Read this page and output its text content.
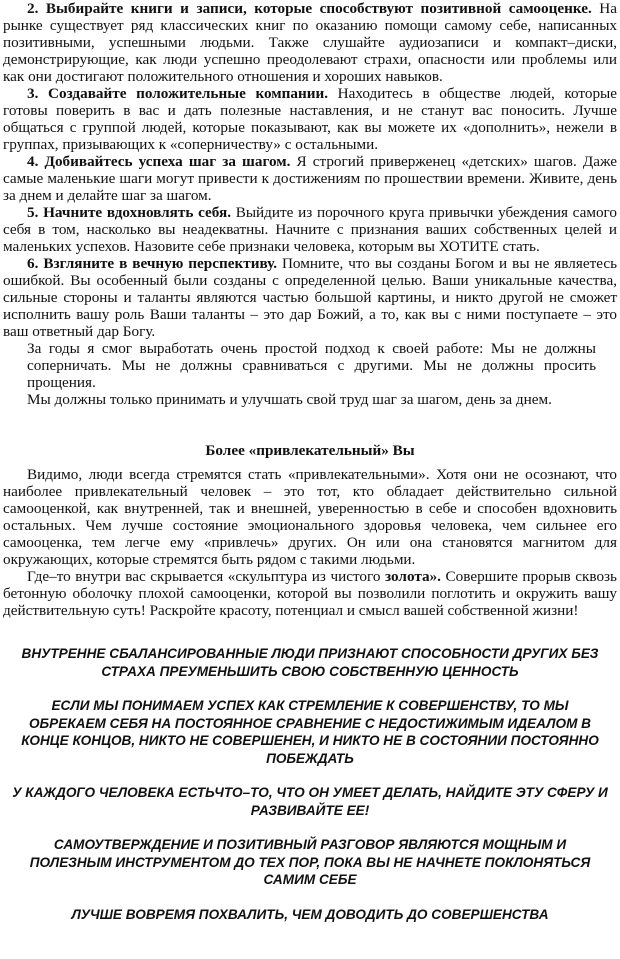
2. Выбирайте книги и записи, которые способствуют позитивной самооценке. На рынке существует ряд классических книг по оказанию помощи самому себе, написанных позитивными, успешными людьми. Также слушайте аудиозаписи и компакт–диски, демонстрирующие, как люди успешно преодолевают страхи, опасности или проблемы или как они достигают положительного отношения и хороших навыков.

3. Создавайте положительные компании. Находитесь в обществе людей, которые готовы поверить в вас и дать полезные наставления, и не станут вас поносить. Лучше общаться с группой людей, которые показывают, как вы можете их «дополнить», нежели в группах, призывающих к «соперничеству» с остальными.

4. Добивайтесь успеха шаг за шагом. Я строгий приверженец «детских» шагов. Даже самые маленькие шаги могут привести к достижениям по прошествии времени. Живите, день за днем и делайте шаг за шагом.

5. Начните вдохновлять себя. Выйдите из порочного круга привычки убеждения самого себя в том, насколько вы неадекватны. Начните с признания ваших собственных целей и маленьких успехов. Назовите себе признаки человека, которым вы ХОТИТЕ стать.

6. Взгляните в вечную перспективу. Помните, что вы созданы Богом и вы не являетесь ошибкой. Вы особенный были созданы с определенной целью. Ваши уникальные качества, сильные стороны и таланты являются частью большой картины, и никто другой не сможет исполнить вашу роль Ваши таланты – это дар Божий, а то, как вы с ними поступаете – это ваш ответный дар Богу.

За годы я смог выработать очень простой подход к своей работе: Мы не должны соперничать. Мы не должны сравниваться с другими. Мы не должны просить прощения.

Мы должны только принимать и улучшать свой труд шаг за шагом, день за днем.

Более «привлекательный» Вы

Видимо, люди всегда стремятся стать «привлекательными». Хотя они не осознают, что наиболее привлекательный человек – это тот, кто обладает действительно сильной самооценкой, как внутренней, так и внешней, уверенностью в себе и способен вдохновить остальных. Чем лучше состояние эмоционального здоровья человека, чем сильнее его самооценка, тем легче ему «привлечь» других. Он или она становятся магнитом для окружающих, которые стремятся быть рядом с такими людьми.

Где–то внутри вас скрывается «скульптура из чистого золота». Совершите прорыв сквозь бетонную оболочку плохой самооценки, которой вы позволили поглотить и окружить вашу действительную суть! Раскройте красоту, потенциал и смысл вашей собственной жизни!

ВНУТРЕННЕ СБАЛАНСИРОВАННЫЕ ЛЮДИ ПРИЗНАЮТ СПОСОБНОСТИ ДРУГИХ БЕЗ СТРАХА ПРЕУМЕНЬШИТЬ СВОЮ СОБСТВЕННУЮ ЦЕННОСТЬ

ЕСЛИ МЫ ПОНИМАЕМ УСПЕХ КАК СТРЕМЛЕНИЕ К СОВЕРШЕНСТВУ, ТО МЫ ОБРЕКАЕМ СЕБЯ НА ПОСТОЯННОЕ СРАВНЕНИЕ С НЕДОСТИЖИМЫМ ИДЕАЛОМ В КОНЦЕ КОНЦОВ, НИКТО НЕ СОВЕРШЕНЕН, И НИКТО НЕ В СОСТОЯНИИ ПОСТОЯННО ПОБЕЖДАТЬ

У КАЖДОГО ЧЕЛОВЕКА ЕСТЬЧТО–ТО, ЧТО ОН УМЕЕТ ДЕЛАТЬ, НАЙДИТЕ ЭТУ СФЕРУ И РАЗВИВАЙТЕ ЕЕ!

САМОУТВЕРЖДЕНИЕ И ПОЗИТИВНЫЙ РАЗГОВОР ЯВЛЯЮТСЯ МОЩНЫМ И ПОЛЕЗНЫМ ИНСТРУМЕНТОМ ДО ТЕХ ПОР, ПОКА ВЫ НЕ НАЧНЕТЕ ПОКЛОНЯТЬСЯ САМИМ СЕБЕ

ЛУЧШЕ ВОВРЕМЯ ПОХВАЛИТЬ, ЧЕМ ДОВОДИТЬ ДО СОВЕРШЕНСТВА
